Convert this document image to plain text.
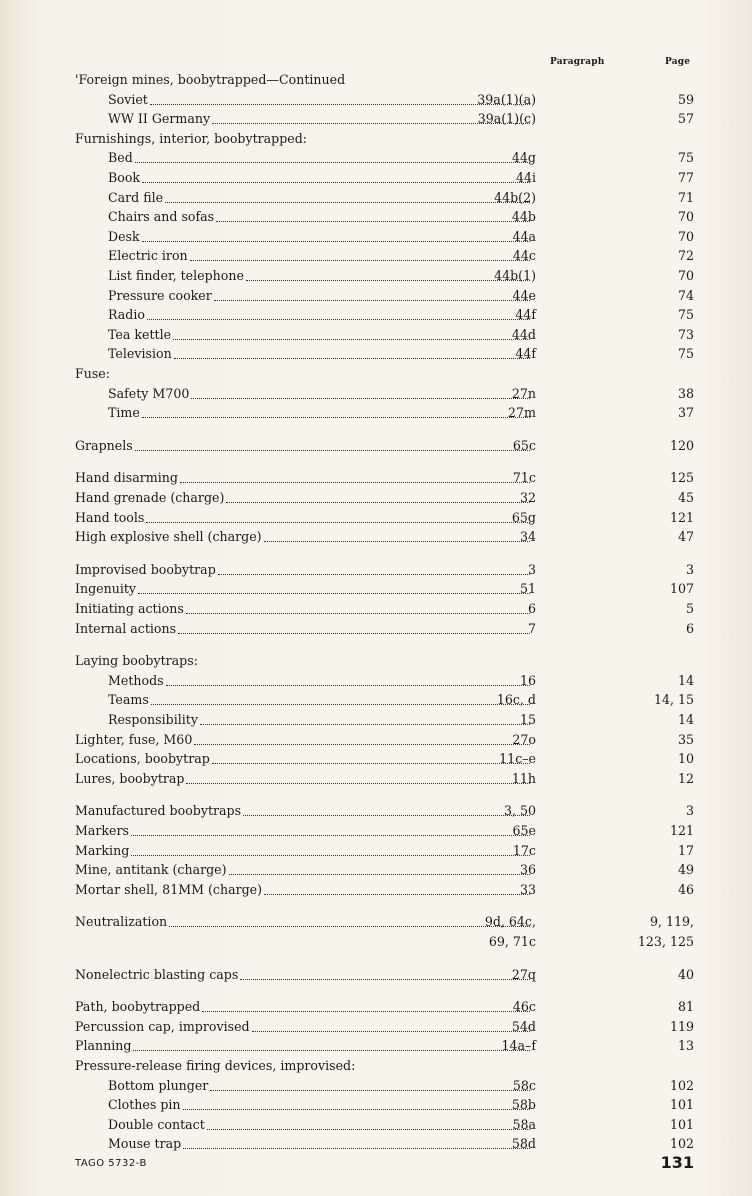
Paragraph	Page
'Foreign mines, boobytrapped—Continued
Soviet	39a(1)(a)	59
WW II Germany	39a(1)(c)	57
Furnishings, interior, boobytrapped:
Bed	44g	75
Book	44i	77
Card file	44b(2)	71
Chairs and sofas	44b	70
Desk	44a	70
Electric iron	44c	72
List finder, telephone	44b(1)	70
Pressure cooker	44e	74
Radio	44f	75
Tea kettle	44d	73
Television	44f	75
Fuse:
Safety M700	27n	38
Time	27m	37
Grapnels	65c	120
Hand disarming	71c	125
Hand grenade (charge)	32	45
Hand tools	65g	121
High explosive shell (charge)	34	47
Improvised boobytrap	3	3
Ingenuity	51	107
Initiating actions	6	5
Internal actions	7	6
Laying boobytraps:
Methods	16	14
Teams	16c, d	14, 15
Responsibility	15	14
Lighter, fuse, M60	27o	35
Locations, boobytrap	11c–e	10
Lures, boobytrap	11h	12
Manufactured boobytraps	3, 50	3
Markers	65e	121
Marking	17c	17
Mine, antitank (charge)	36	49
Mortar shell, 81MM (charge)	33	46
Neutralization	9d, 64c,	9, 119,
69, 71c	123, 125
Nonelectric blasting caps	27q	40
Path, boobytrapped	46c	81
Percussion cap, improvised	54d	119
Planning	14a–f	13
Pressure-release firing devices, improvised:
Bottom plunger	58c	102
Clothes pin	58b	101
Double contact	58a	101
Mouse trap	58d	102
TAGO 5732-B	131
